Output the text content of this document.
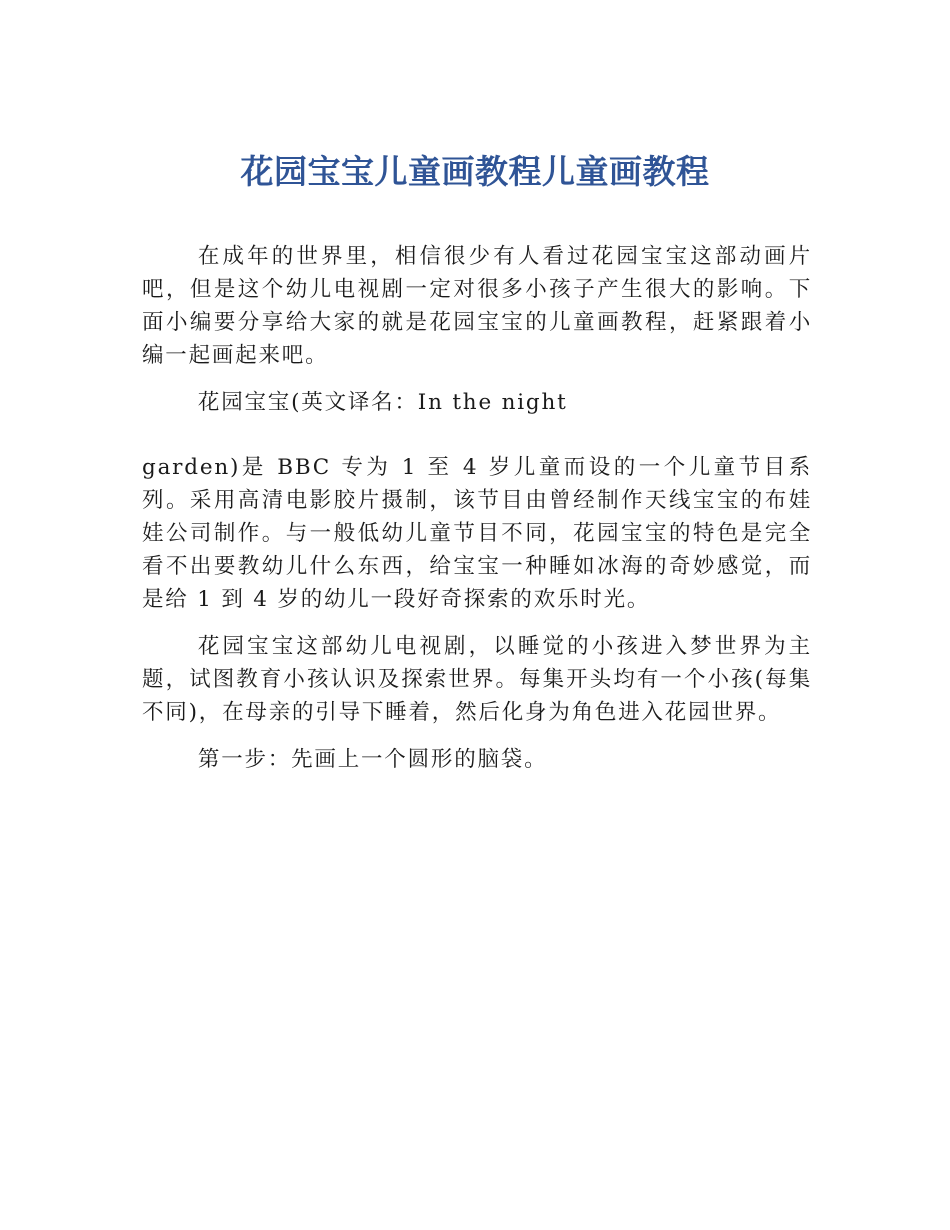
花园宝宝儿童画教程儿童画教程

在成年的世界里，相信很少有人看过花园宝宝这部动画片吧，但是这个幼儿电视剧一定对很多小孩子产生很大的影响。下面小编要分享给大家的就是花园宝宝的儿童画教程，赶紧跟着小编一起画起来吧。

花园宝宝(英文译名：In the night

garden)是 BBC 专为 1 至 4 岁儿童而设的一个儿童节目系列。采用高清电影胶片摄制，该节目由曾经制作天线宝宝的布娃娃公司制作。与一般低幼儿童节目不同，花园宝宝的特色是完全看不出要教幼儿什么东西，给宝宝一种睡如冰海的奇妙感觉，而是给 1 到 4 岁的幼儿一段好奇探索的欢乐时光。

花园宝宝这部幼儿电视剧，以睡觉的小孩进入梦世界为主题，试图教育小孩认识及探索世界。每集开头均有一个小孩(每集不同)，在母亲的引导下睡着，然后化身为角色进入花园世界。

第一步：先画上一个圆形的脑袋。
